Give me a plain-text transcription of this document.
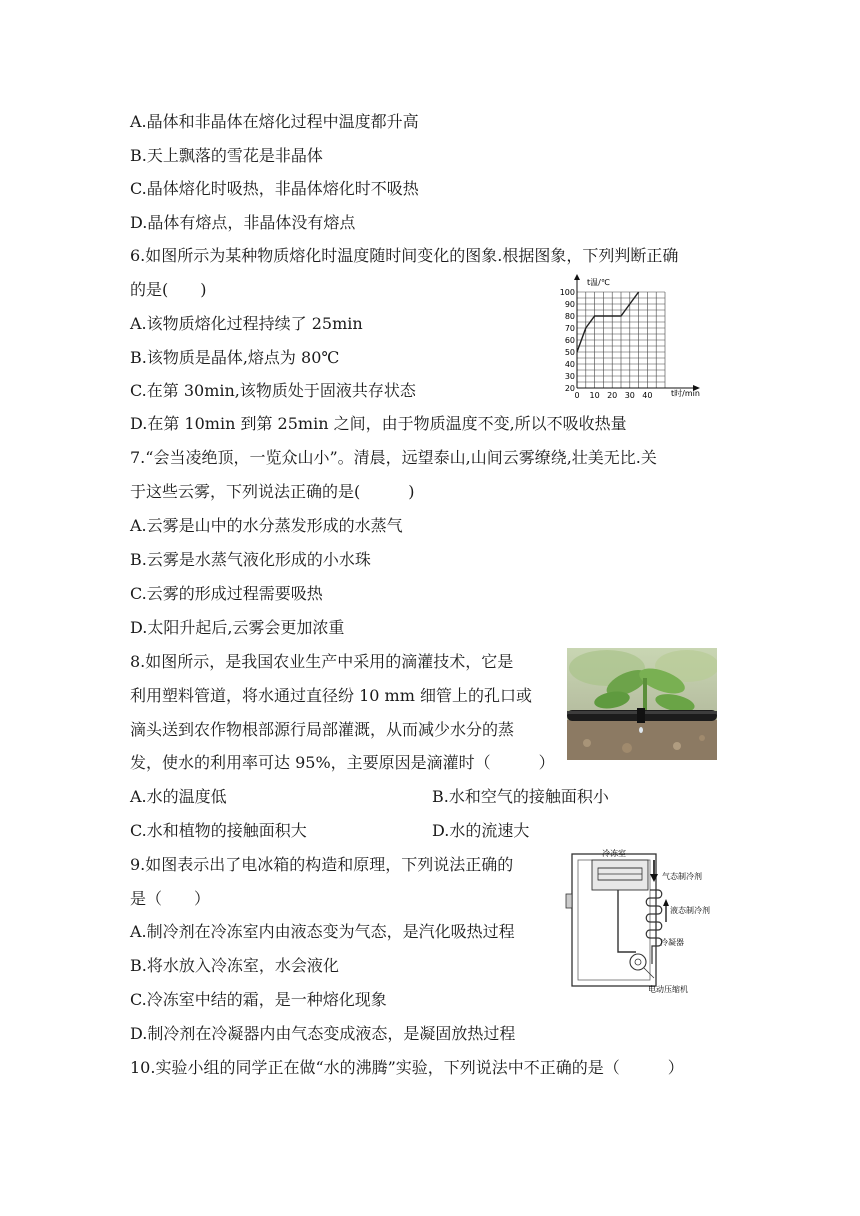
A.晶体和非晶体在熔化过程中温度都升高
B.天上飘落的雪花是非晶体
C.晶体熔化时吸热，非晶体熔化时不吸热
D.晶体有熔点，非晶体没有熔点
6.如图所示为某种物质熔化时温度随时间变化的图象.根据图象，下列判断正确
的是(　　)
A.该物质熔化过程持续了 25min
B.该物质是晶体,熔点为 80℃
C.在第 30min,该物质处于固液共存状态
D.在第 10min 到第 25min 之间，由于物质温度不变,所以不吸收热量
100
90
80
70
60
50
40
30
20
0 10 20 30 40
t温/℃
t时/min
7.“会当凌绝顶，一览众山小”。清晨，远望泰山,山间云雾缭绕,壮美无比.关
于这些云雾，下列说法正确的是(　　　)
A.云雾是山中的水分蒸发形成的水蒸气
B.云雾是水蒸气液化形成的小水珠
C.云雾的形成过程需要吸热
D.太阳升起后,云雾会更加浓重
8.如图所示，是我国农业生产中采用的滴灌技术，它是
利用塑料管道，将水通过直径纷 10 mm 细管上的孔口或
滴头送到农作物根部源行局部灌溉，从而减少水分的蒸
发，使水的利用率可达 95%，主要原因是滴灌时（　　　）
A.水的温度低	B.水和空气的接触面积小
C.水和植物的接触面积大	D.水的流速大
9.如图表示出了电冰箱的构造和原理，下列说法正确的
是（　　）
A.制冷剂在冷冻室内由液态变为气态，是汽化吸热过程
B.将水放入冷冻室，水会液化
C.冷冻室中结的霜，是一种熔化现象
D.制冷剂在冷凝器内由气态变成液态，是凝固放热过程
冷冻室
气态制冷剂
液态制冷剂
冷凝器
电动压缩机
10.实验小组的同学正在做“水的沸腾”实验，下列说法中不正确的是（　　　）
